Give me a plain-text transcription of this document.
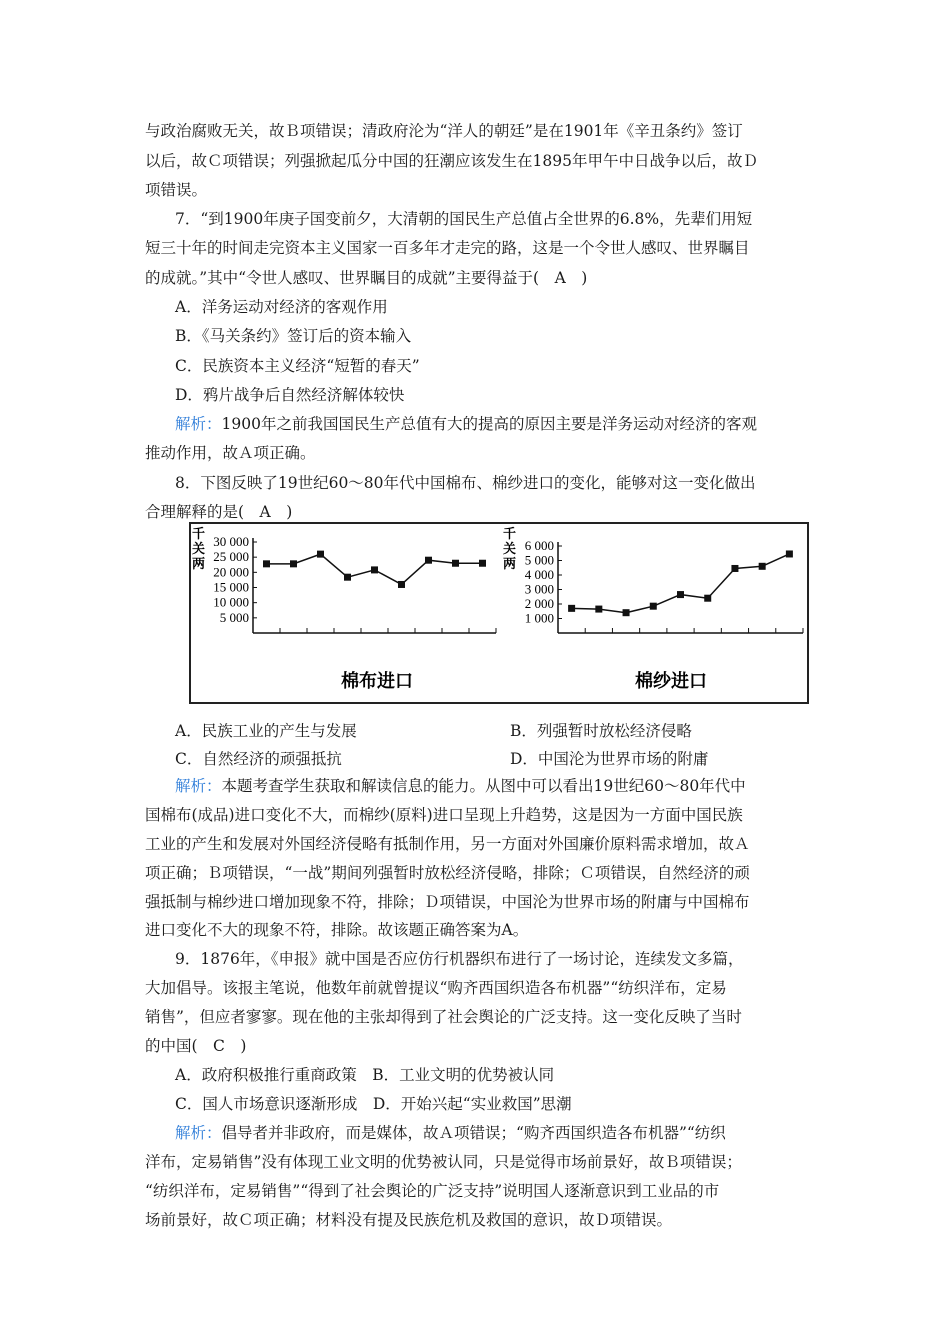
与政治腐败无关，故Ｂ项错误；清政府沦为“洋人的朝廷”是在1901年《辛丑条约》签订
以后，故Ｃ项错误；列强掀起瓜分中国的狂潮应该发生在1895年甲午中日战争以后，故Ｄ
项错误。
7．“到1900年庚子国变前夕，大清朝的国民生产总值占全世界的6.8%，先辈们用短
短三十年的时间走完资本主义国家一百多年才走完的路，这是一个令世人感叹、世界瞩目
的成就。”其中“令世人感叹、世界瞩目的成就”主要得益于(　A　)
A．洋务运动对经济的客观作用
B．《马关条约》签订后的资本输入
C．民族资本主义经济“短暂的春天”
D．鸦片战争后自然经济解体较快
解析：1900年之前我国国民生产总值有大的提高的原因主要是洋务运动对经济的客观
推动作用，故Ａ项正确。
8．下图反映了19世纪60～80年代中国棉布、棉纱进口的变化，能够对这一变化做出
合理解释的是(　A　)
千
关
两
千
关
两
棉布进口	棉纱进口
30 000
25 000
20 000
15 000
10 000
5 000
6 000
5 000
4 000
3 000
2 000
1 000
A．民族工业的产生与发展	B．列强暂时放松经济侵略
C．自然经济的顽强抵抗	D．中国沦为世界市场的附庸
解析：本题考查学生获取和解读信息的能力。从图中可以看出19世纪60～80年代中
国棉布(成品)进口变化不大，而棉纱(原料)进口呈现上升趋势，这是因为一方面中国民族
工业的产生和发展对外国经济侵略有抵制作用，另一方面对外国廉价原料需求增加，故Ａ
项正确；Ｂ项错误，“一战”期间列强暂时放松经济侵略，排除；Ｃ项错误，自然经济的顽
强抵制与棉纱进口增加现象不符，排除；Ｄ项错误，中国沦为世界市场的附庸与中国棉布
进口变化不大的现象不符，排除。故该题正确答案为A。
9．1876年，《申报》就中国是否应仿行机器织布进行了一场讨论，连续发文多篇，
大加倡导。该报主笔说，他数年前就曾提议“购齐西国织造各布机器”“纺织洋布，定易
销售”，但应者寥寥。现在他的主张却得到了社会舆论的广泛支持。这一变化反映了当时
的中国(　C　)
A．政府积极推行重商政策　B．工业文明的优势被认同
C．国人市场意识逐渐形成　D．开始兴起“实业救国”思潮
解析：倡导者并非政府，而是媒体，故Ａ项错误；“购齐西国织造各布机器”“纺织
洋布，定易销售”没有体现工业文明的优势被认同，只是觉得市场前景好，故Ｂ项错误；
“纺织洋布，定易销售”“得到了社会舆论的广泛支持”说明国人逐渐意识到工业品的市
场前景好，故Ｃ项正确；材料没有提及民族危机及救国的意识，故Ｄ项错误。
